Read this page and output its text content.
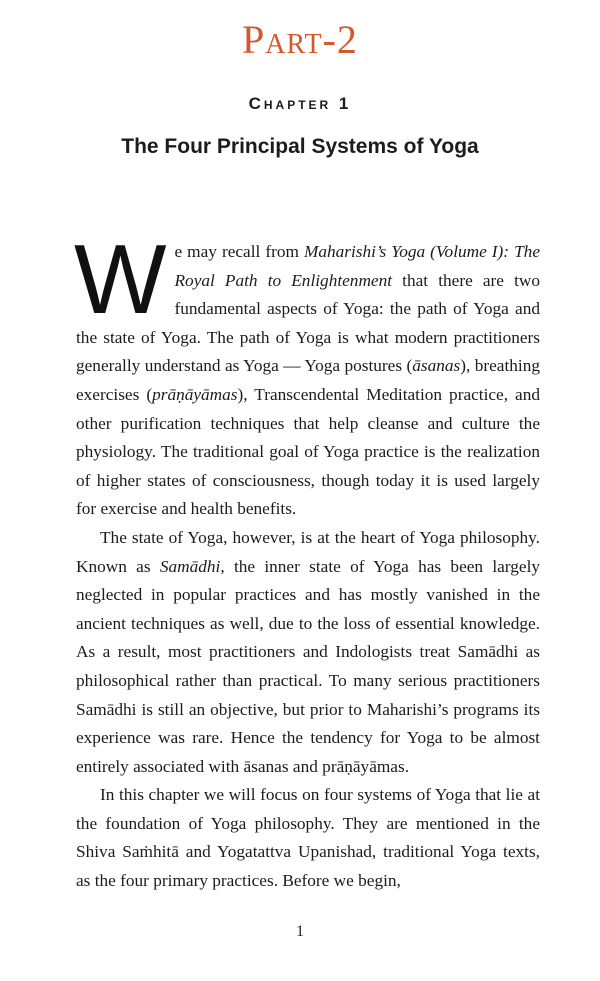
Part-2
Chapter 1
The Four Principal Systems of Yoga

We may recall from Maharishi’s Yoga (Volume I): The Royal Path to Enlightenment that there are two fundamental aspects of Yoga: the path of Yoga and the state of Yoga. The path of Yoga is what modern practitioners generally understand as Yoga — Yoga postures (āsanas), breathing exercises (prāṇāyāmas), Transcendental Meditation practice, and other purification techniques that help cleanse and culture the physiology. The traditional goal of Yoga practice is the realization of higher states of consciousness, though today it is used largely for exercise and health benefits.

The state of Yoga, however, is at the heart of Yoga philosophy. Known as Samādhi, the inner state of Yoga has been largely neglected in popular practices and has mostly vanished in the ancient techniques as well, due to the loss of essential knowledge. As a result, most practitioners and Indologists treat Samādhi as philosophical rather than practical. To many serious practitioners Samādhi is still an objective, but prior to Maharishi’s programs its experience was rare. Hence the tendency for Yoga to be almost entirely associated with āsanas and prāṇāyāmas.

In this chapter we will focus on four systems of Yoga that lie at the foundation of Yoga philosophy. They are mentioned in the Shiva Saṁhitā and Yogatattva Upanishad, traditional Yoga texts, as the four primary practices. Before we begin,

1
